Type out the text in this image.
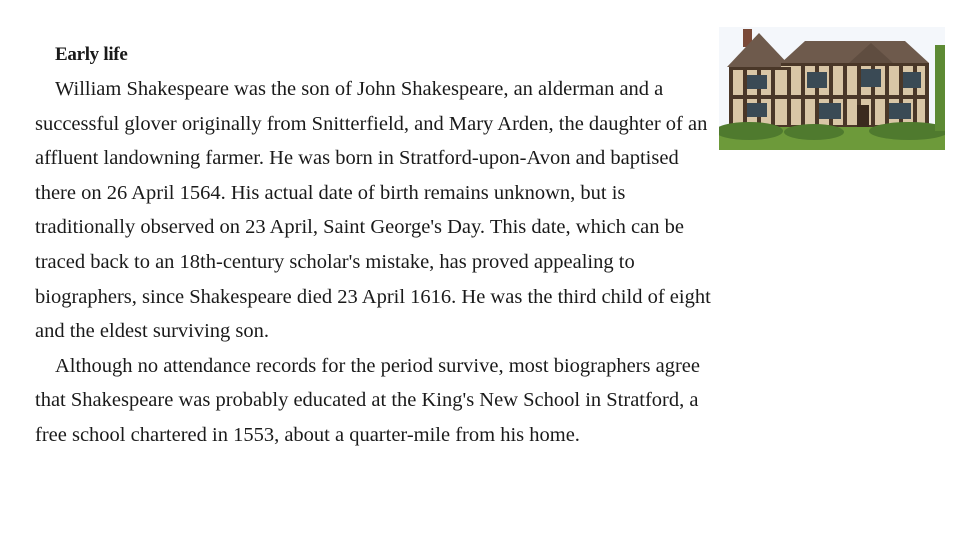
Early life

William Shakespeare was the son of John Shakespeare, an alderman and a successful glover originally from Snitterfield, and Mary Arden, the daughter of an affluent landowning farmer. He was born in Stratford-upon-Avon and baptised there on 26 April 1564. His actual date of birth remains unknown, but is traditionally observed on 23 April, Saint George's Day. This date, which can be traced back to an 18th-century scholar's mistake, has proved appealing to biographers, since Shakespeare died 23 April 1616. He was the third child of eight and the eldest surviving son.

Although no attendance records for the period survive, most biographers agree that Shakespeare was probably educated at the King's New School in Stratford, a free school chartered in 1553, about a quarter-mile from his home.
